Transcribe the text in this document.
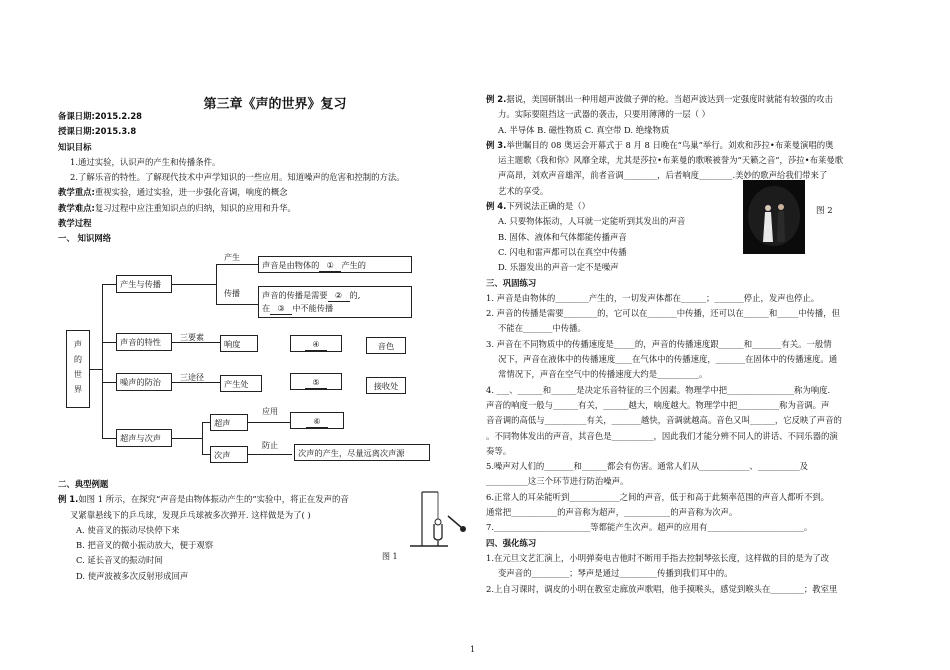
第三章《声的世界》复习
备课日期:2015.2.28
授课日期:2015.3.8
知识目标
1.通过实验，认识声的产生和传播条件。
2.了解乐音的特性。了解现代技术中声学知识的一些应用。知道噪声的危害和控制的方法。
教学重点:重视实验，通过实验，进一步强化音调，响度的概念
教学难点:复习过程中应注重知识点的归纳，知识的应用和升华。
教学过程
一、 知识网络
声
的
世
界
产生与传播
产生
传播
声音是由物体的 ① 产生的
声音的传播是需要 ② 的,
在 ③ 中不能传播
声音的特性	三要素
响度	④	音色
噪声的防治	三途径
产生处	⑤	接收处
超声与次声
超声
次声
应用
防止
⑥
次声的产生，尽量远离次声源
二、典型例题
例 1.如图 1 所示，在探究“声音是由物体振动产生的”实验中，将正在发声的音
叉紧靠悬线下的乒乓球，发现乒乓球被多次弹开. 这样做是为了( )
A. 使音叉的振动尽快停下来
B. 把音叉的微小振动放大，便于观察
C. 延长音叉的振动时间
D. 使声波被多次反射形成回声
图 1
例 2.据说，美国研制出一种用超声波做子弹的枪。当超声波达到一定强度时就能有较强的攻击
力。实际要阻挡这一武器的袭击，只要用薄薄的一层（ ）
A. 半导体 B. 磁性物质 C. 真空带 D. 绝缘物质
例 3.举世瞩目的 08 奥运会开幕式于 8 月 8 日晚在“鸟巢”举行。刘欢和莎拉•布莱曼演唱的奥
运主题歌《我和你》风靡全球，尤其是莎拉•布莱曼的歌喉被誉为“天籁之音”，莎拉•布莱曼歌
声高昂，刘欢声音雄浑，前者音调________，后者响度________.美妙的歌声给我们带来了
艺术的享受。
例 4.下列说法正确的是（）
A. 只要物体振动，人耳就一定能听到其发出的声音
B. 固体、液体和气体都能传播声音
C. 闪电和雷声都可以在真空中传播
D. 乐器发出的声音一定不是噪声
三、巩固练习
1. 声音是由物体的________产生的，一切发声体都在______；_______停止，发声也停止。
2. 声音的传播是需要________的，它可以在_______中传播，还可以在______和_____中传播，但
不能在_______中传播。
3. 声音在不同物质中的传播速度是_____的，声音的传播速度跟______和_______有关。一般情
况下，声音在液体中的传播速度____在气体中的传播速度，_______在固体中的传播速度。通
常情况下，声音在空气中的传播速度大约是__________。
4. ___、______和______是决定乐音特征的三个因素。物理学中把________________称为响度.
声音的响度一般与______有关，______越大，响度越大。物理学中把__________称为音调。声
音音调的高低与__________有关，_______越快，音调就越高。音色又叫______，它反映了声音的
。不同物体发出的声音，其音色是__________，因此我们才能分辨不同人的讲话、不同乐器的演
奏等。
5.噪声对人们的_______和______都会有伤害。通常人们从____________、__________及
__________这三个环节进行防治噪声。
6.正常人的耳朵能听到____________之间的声音，低于和高于此频率范围的声音人都听不到。
通常把___________的声音称为超声，___________的声音称为次声。
7._______________________等都能产生次声。超声的应用有_______________________。
四、强化练习
1.在元旦文艺汇演上，小明弹奏电吉他时不断用手指去控制琴弦长度，这样做的目的是为了改
变声音的_________；琴声是通过_________传播到我们耳中的。
2.上自习课时，调皮的小明在教室走廊放声歌唱，他手摸喉头，感觉到喉头在________；教室里
图 2
1
